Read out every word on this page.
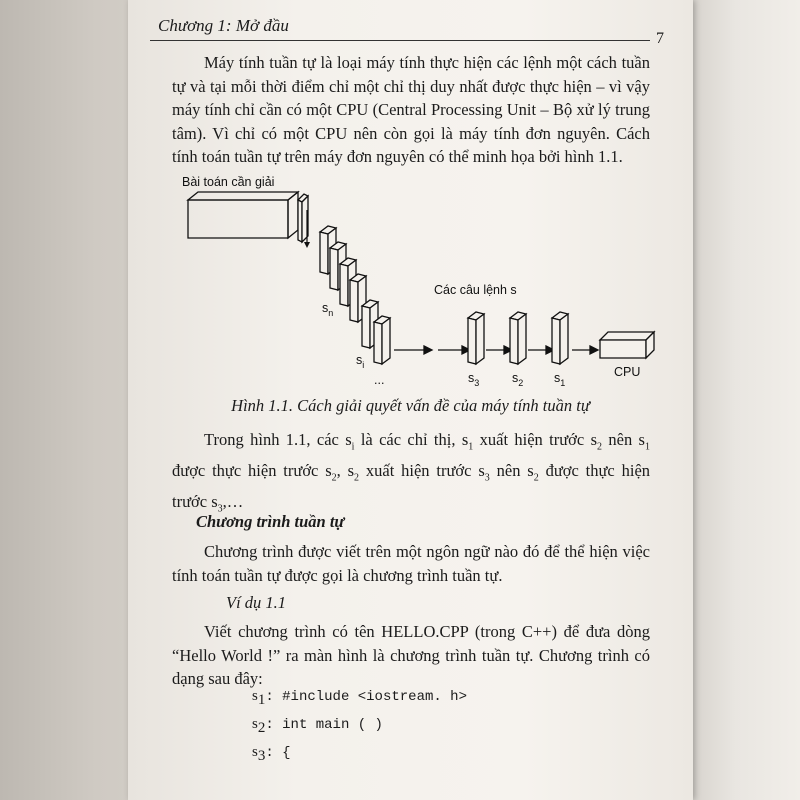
Chương 1: Mở đầu
7

Máy tính tuần tự là loại máy tính thực hiện các lệnh một cách tuần tự và tại mỗi thời điểm chỉ một chỉ thị duy nhất được thực hiện – vì vậy máy tính chỉ cần có một CPU (Central Processing Unit – Bộ xử lý trung tâm). Vì chỉ có một CPU nên còn gọi là máy tính đơn nguyên. Cách tính toán tuần tự trên máy đơn nguyên có thể minh họa bởi hình 1.1.

Bài toán cần giải
$s_n$
$s_i$
...
Các câu lệnh s
$s_3$	$s_2$ $s_1$
CPU
Hình 1.1. Cách giải quyết vấn đề của máy tính tuần tự

Trong hình 1.1, các $s_i$ là các chỉ thị, $s_1$ xuất hiện trước $s_2$ nên $s_1$ được thực hiện trước $s_2$, $s_2$ xuất hiện trước $s_3$ nên $s_2$ được thực hiện trước $s_3,\dots$

Chương trình tuần tự

Chương trình được viết trên một ngôn ngữ nào đó để thể hiện việc tính toán tuần tự được gọi là chương trình tuần tự.

Ví dụ 1.1

Viết chương trình có tên HELLO.CPP (trong C++) để đưa dòng “Hello World !” ra màn hình là chương trình tuần tự. Chương trình có dạng sau đây:

$s_1$: #include <iostream. h>
$s_2$: int main ( )
$s_3$: {
